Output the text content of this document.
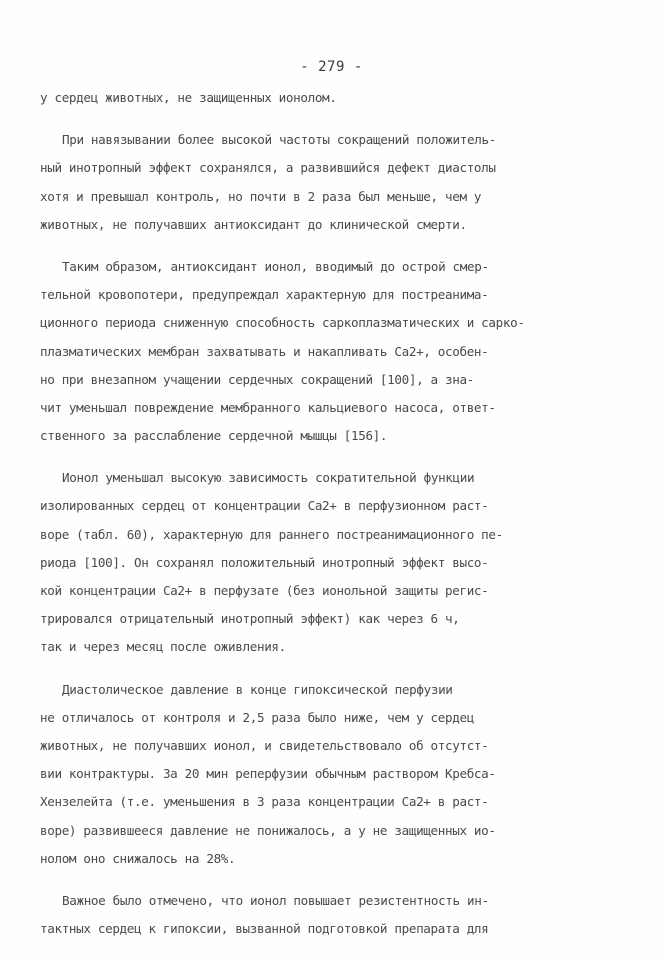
- 279 -
у сердец животных, не защищенных ионолом.
При навязывании более высокой частоты сокращений положитель-
ный инотропный эффект сохранялся, а развившийся дефект диастолы
хотя и превышал контроль, но почти в 2 раза был меньше, чем у
животных, не получавших антиоксидант до клинической смерти.
Таким образом, антиоксидант ионол, вводимый до острой смер-
тельной кровопотери, предупреждал характерную для постреанима-
ционного периода сниженную способность саркоплазматических и сарко-
плазматических мембран захватывать и накапливать Ca2+, особен-
но при внезапном учащении сердечных сокращений [100], а зна-
чит уменьшал повреждение мембранного кальциевого насоса, ответ-
ственного за расслабление сердечной мышцы [156].
Ионол уменьшал высокую зависимость сократительной функции
изолированных сердец от концентрации Ca2+ в перфузионном раст-
воре (табл. 60), характерную для раннего постреанимационного пе-
риода [100]. Он сохранял положительный инотропный эффект высо-
кой концентрации Ca2+ в перфузате (без ионольной защиты регис-
трировался отрицательный инотропный эффект) как через 6 ч,
так и через месяц после оживления.
Диастолическое давление в конце гипоксической перфузии
не отличалось от контроля и 2,5 раза было ниже, чем у сердец
животных, не получавших ионол, и свидетельствовало об отсутст-
вии контрактуры. За 20 мин реперфузии обычным раствором Кребса-
Хензелейта (т.е. уменьшения в 3 раза концентрации Ca2+ в раст-
воре) развившееся давление не понижалось, а у не защищенных ио-
нолом оно снижалось на 28%.
Важное было отмечено, что ионол повышает резистентность ин-
тактных сердец к гипоксии, вызванной подготовкой препарата для
